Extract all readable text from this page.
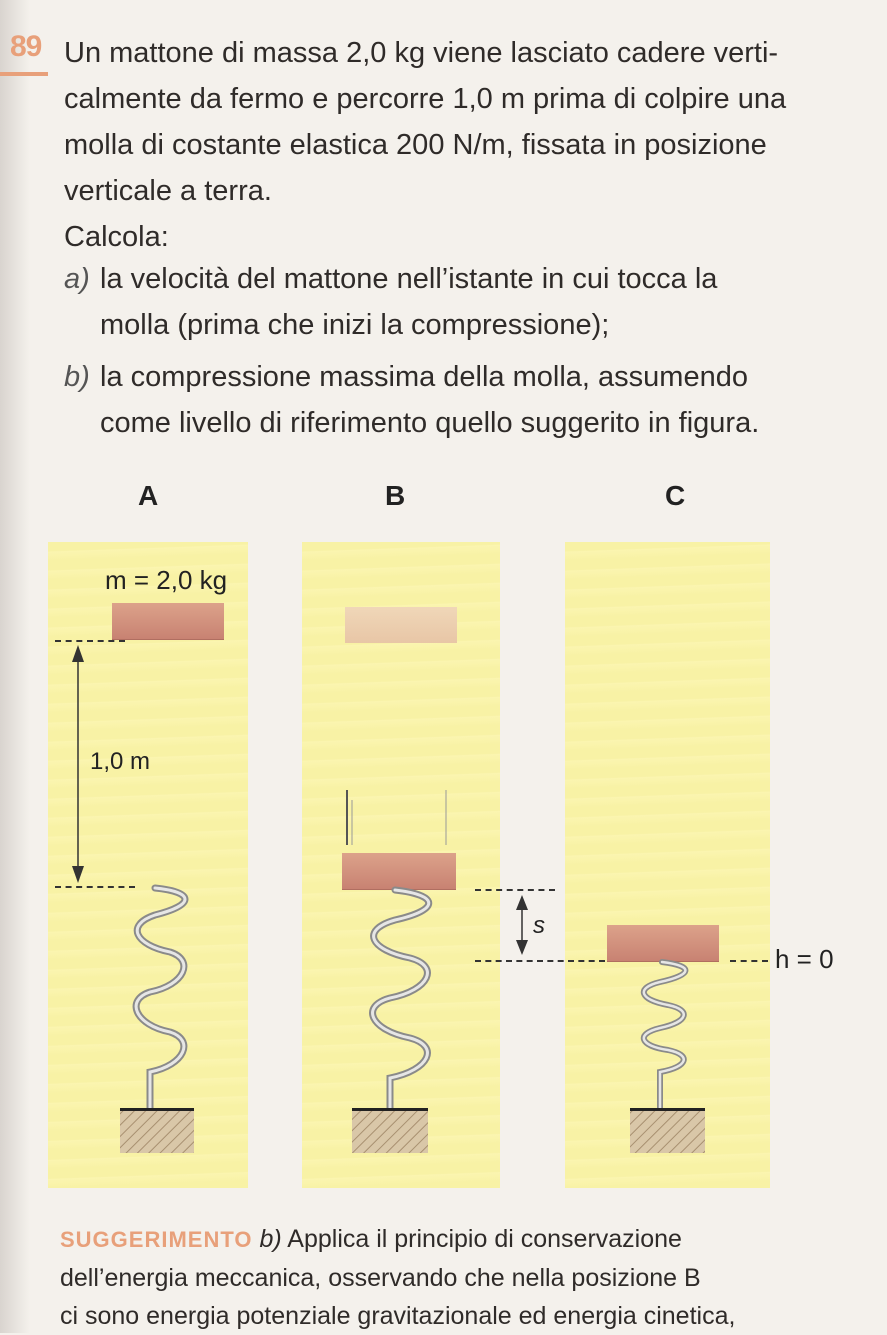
89 Un mattone di massa 2,0 kg viene lasciato cadere verti-
calmente da fermo e percorre 1,0 m prima di colpire una
molla di costante elastica 200 N/m, fissata in posizione
verticale a terra.
Calcola:
a) la velocità del mattone nell’istante in cui tocca la
molla (prima che inizi la compressione);
b) la compressione massima della molla, assumendo
come livello di riferimento quello suggerito in figura.
A	B	C
m = 2,0 kg
1,0 m
s
h = 0
SUGGERIMENTO b) Applica il principio di conservazione
dell’energia meccanica, osservando che nella posizione B
ci sono energia potenziale gravitazionale ed energia cinetica,
